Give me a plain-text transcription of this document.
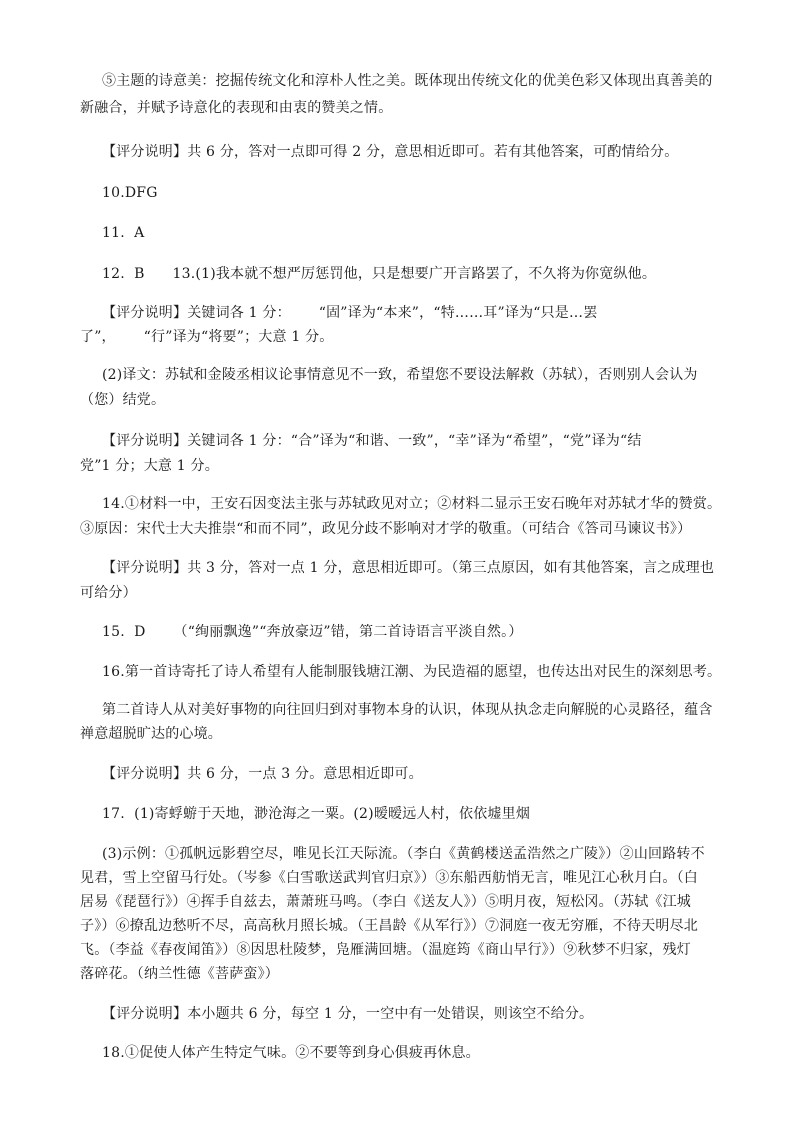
⑤主题的诗意美：挖掘传统文化和淳朴人性之美。既体现出传统文化的优美色彩又体现出真善美的
新融合，并赋予诗意化的表现和由衷的赞美之情。
【评分说明】共 6 分，答对一点即可得 2 分，意思相近即可。若有其他答案，可酌情给分。
10.DFG
11.  A
12.  B      13.(1)我本就不想严厉惩罚他，只是想要广开言路罢了，不久将为你宽纵他。
【评分说明】关键词各 1 分：      “固”译为“本来”，“特……耳”译为“只是…罢
了”，      “行”译为“将要”；大意 1 分。
(2)译文：苏轼和金陵丞相议论事情意见不一致，希望您不要设法解救（苏轼），否则别人会认为
（您）结党。
【评分说明】关键词各 1 分：“合”译为“和谐、一致”，“幸”译为“希望”，“党”译为“结
党”1 分；大意 1 分。
14.①材料一中，王安石因变法主张与苏轼政见对立；②材料二显示王安石晚年对苏轼才华的赞赏。
③原因：宋代士大夫推崇“和而不同”，政见分歧不影响对才学的敬重。（可结合《答司马谏议书》）
【评分说明】共 3 分，答对一点 1 分，意思相近即可。（第三点原因，如有其他答案，言之成理也
可给分）
15.  D      （“绚丽飘逸”“奔放豪迈”错，第二首诗语言平淡自然。）
16.第一首诗寄托了诗人希望有人能制服钱塘江潮、为民造福的愿望，也传达出对民生的深刻思考。
第二首诗人从对美好事物的向往回归到对事物本身的认识，体现从执念走向解脱的心灵路径，蕴含
禅意超脱旷达的心境。
【评分说明】共 6 分，一点 3 分。意思相近即可。
17.  (1)寄蜉蝣于天地，渺沧海之一粟。(2)暧暧远人村，依依墟里烟
(3)示例：①孤帆远影碧空尽，唯见长江天际流。（李白《黄鹤楼送孟浩然之广陵》）②山回路转不
见君，雪上空留马行处。（岑参《白雪歌送武判官归京》）③东船西舫悄无言，唯见江心秋月白。（白
居易《琵琶行》）④挥手自兹去，萧萧班马鸣。（李白《送友人》）⑤明月夜，短松冈。（苏轼《江城
子》）⑥撩乱边愁听不尽，高高秋月照长城。（王昌龄《从军行》）⑦洞庭一夜无穷雁，不待天明尽北
飞。（李益《春夜闻笛》）⑧因思杜陵梦，凫雁满回塘。（温庭筠《商山早行》）⑨秋梦不归家，残灯
落碎花。（纳兰性德《菩萨蛮》）
【评分说明】本小题共 6 分，每空 1 分，一空中有一处错误，则该空不给分。
18.①促使人体产生特定气味。②不要等到身心俱疲再休息。
